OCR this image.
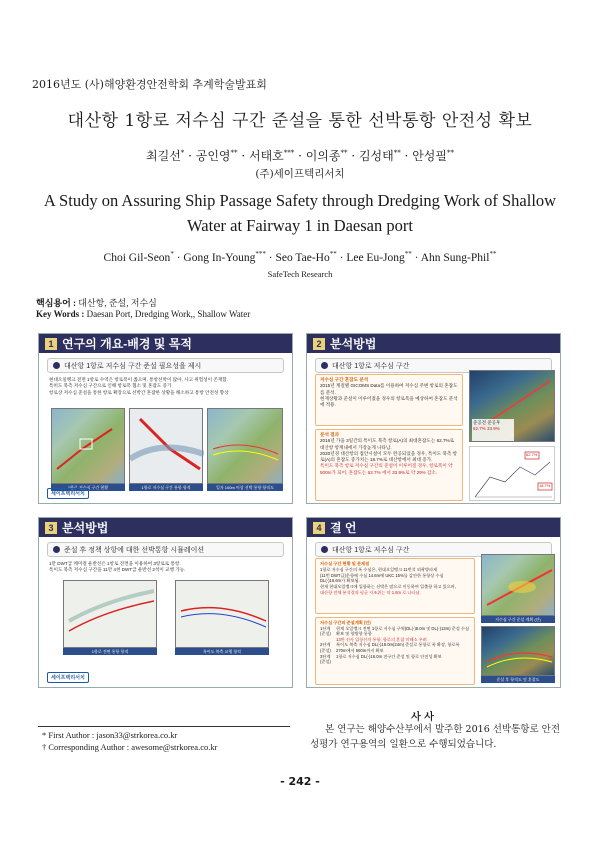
2016년도 (사)해양환경안전학회 추계학술발표회
대산항 1항로 저수심 구간 준설을 통한 선박통항 안전성 확보
최길선* · 공인영** · 서태호*** · 이의종** · 김성태** · 안성필**
(주)세이프텍리서치
A Study on Assuring Ship Passage Safety through Dredging Work of Shallow Water at Fairway 1 in Daesan port
Choi Gil-Seon* · Gong In-Young*** · Seo Tae-Ho** · Lee Eu-Jong** · Ahn Sung-Phil**
SafeTech Research
핵심용어 : 대산항, 준설, 저수심
Key Words : Daesan Port, Dredging Work,, Shallow Water
1 연구의 개요-배경 및 목적
대산항 1항로 저수심 구간 준설 필요성을 제시
현대오일뱅크 전면 1항로 수역은 항로폭이 좁으며, 통항선박이 많아, 사고 위험성이 존재함.
특히도 북측 저수심 구간으로 인해 항로폭 협소 및 혼잡도 증가
항로상 저수심 준설을 통한 항로 확장으로 선박간 혼잡한 상황을 해소하고 통항 안전성 향상
1항로 저수심 구간 현황	1항로 저수심 구간 통항 항적	일자 100m 이상 선박 통항 항적도
세이프텍리서치
2 분석방법
대산항 1항로 저수심 구간
저수심 구간 혼잡도 분석
2015년 계절별 GICOMS Data를 이용하여 저수심 주변 항로의 혼잡도를 분석.
현재상황과 준설이 이루어졌을 경우의 항로폭을 예상하여 혼잡도 분석에 적용.
분석 결과
2016년 가을 3일간의 특이도 북측 항로(A)의 최대혼잡도는 62.7%로 대산항 항계내에서 가장높게 나타남.
2020년경 대산항의 접안시설이 모두 완공되었을 경우, 특이도 북측 항로(A)의 혼잡도 증가치는 18.7%로 대산항에서 최대 증가.
특이도 북측 항로 저수심 구간의 준설이 이루어질 경우, 항로폭이 약 500m가 되어, 혼잡도는 62.7% 에서 33.9%로 약 29% 감소.
준공전 준공후
62.7% 33.9%
62.7%
18.7%
3 분석방법
준설 후 정책 상항에 대한 선박통항 시뮬레이션
1만 DWT급 케미컬 운반선은 1항로 전면을 이용하여 3항로로 통항.
특이도 북측 저수심 구간을 11만 4천 DWT급 운반선 2척이 교행 가능.
1항로 전면 통항 항적	특이도 북측 교행 항적
세이프텍리서치
4 결 언
대산항 1항로 저수심 구간
저수심 구간 현황 및 문제점
1항로 저수심 구간의 폭 수심은, 현대오일뱅크 11번석 외곽방파제
(11번 DWT급)운항에 수심 14.6m에 UKC 15%를 감안한 통항상 수심
DL(-)16.6m가 확보됨.
현재 현대오일뱅크에 입항하는 선박은 많으로 이동하여 입출항 하고 있으며,
대산항 전체 분석결과 평균 저조위는 약 1.6m 로 나타남.
저수심 구간의 준설계획 (안)
1단계 (준설)
현재 오일뱅크 전면 1항로 저수심 구역(DL(-)8.0m 및 DL(-)13m) 준설 수심 확보 및 양방향 통항
13만 선사 입항선의 통항, 항로의 혼잡 미해소 우려
2단계 (준설)
특이도 북측 저수심 DL(-)16.0m(24m) 준설로 통항로 폭 확장, 항로폭 270m에서 500m까지 확보
3단계 (준설)
1항로 저수심 DL(-)16.0m 전구간 준설 및 항로 안전성 확보
저수심 구간 준설 계획 (안)
준설 후 항적도 및 혼잡도
* First Author : jason33@strkorea.co.kr
† Corresponding Author : awesome@strkorea.co.kr
사 사
본 연구는 해양수산부에서 발주한 2016 선박통항로 안전성평가 연구용역의 일환으로 수행되었습니다.
- 242 -
